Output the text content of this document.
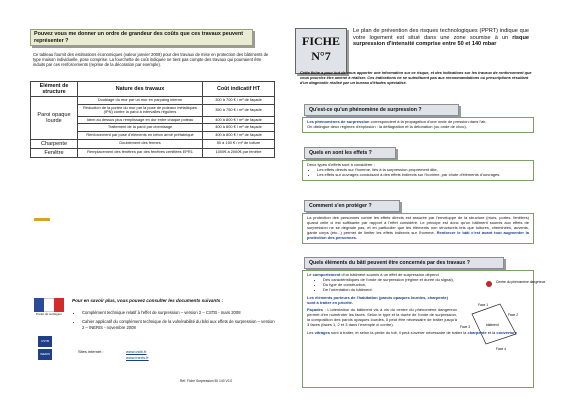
Pouvez vous me donner un ordre de grandeur des coûts que ces travaux peuvent représenter ?
Ce tableau fournit des estimations économiques (valeur janvier 2009) pour des travaux de mise en protection des bâtiments de type maison individuelle, pose comprise. La fourchette de coût indiquée ne tient pas compte des travaux qui pourraient être induits par ces renforcements (reprise de la décoration par exemple).
Elément de structure	Nature des travaux	Coût indicatif HT
Paroi opaque lourde	Doublage du mur par un mur en parpaing interne	300 à 700 € / m² de façade
	Réduction de la portée du mur par la pose de poteaux métalliques (IPN) contre la paroi à intervalles réguliers	350 à 750 € / m² de façade
	Idem au dessus plus remplissage en dur entre chaque poteau	400 à 800 € / m² de façade
	Traitement de la paroi par chemisage	400 à 800 € / m² de façade
	Renforcement par pose d'éléments en béton armé préfabriqué	400 à 800 € / m² de façade
Charpente	Doublement des fermes	50 à 150 € / m² de toiture
Fenêtre	Remplacement des fenêtres par des fenêtres certifiées EPR1	1000€ à 2000€ par fenêtre
Préfet de la Région
CSTB
INERIS
Pour en savoir plus, vous pouvez consulter les documents suivants :
• Complément technique relatif à l'effet de surpression – version 2 – CSTB - mars 2008
• Cahier applicatif du complément technique de la vulnérabilité du bâti aux effets de surpression – version 2 – INERIS - novembre 2008
Sites internet :	www.cstb.fr
www.ineris.fr
Réf. Fiche Surpression 50 140 V2.0
FICHE
N°7
Le plan de prévention des risques technologiques (PPRT) indique que votre logement est situé dans une zone soumise à un risque surpression d'intensité comprise entre 50 et 140 mbar
Cette fiche a pour but de vous apporter une information sur ce risque, et des indications sur les travaux de renforcement que vous pourriez être amené à réaliser. Ces indications ne se substituent pas aux recommandations ou prescriptions résultant d'un diagnostic réalisé par un bureau d'études spécialisé.
Qu'est-ce qu'un phénomène de surpression ?
Les phénomènes de surpression correspondent à la propagation d'une onde de pression dans l'air.
On distingue deux régimes d'explosion : la déflagration et la détonation (ou onde de choc).
Quels en sont les effets ?
Deux types d'effets sont à considérer :
• Les effets directs sur l'homme, liés à la surpression proprement dite,
• Les effets sur ouvrages conduisant à des effets indirects sur l'homme, par chute d'éléments d'ouvrages.
Comment s'en protéger ?
La protection des personnes contre les effets directs est assurée par l'enveloppe de la structure (murs, portes, fenêtres) quand celle ci est suffisante par rapport à l'effet considéré. Le principe est donc qu'un bâtiment soumis aux effets de surpression ne se dégrade pas, et en particulier que les éléments non structurels tels que toitures, cheminées, auvents, garde corps (etc...) permet de limiter les effets indirects sur l'homme. Renforcer le bâti c'est avant tout augmenter la protection des personnes.
Quels éléments du bâti peuvent être concernés par des travaux ?
Le comportement d'un bâtiment soumis à un effet de surpression dépend
• Des caractéristiques de l'onde de surpression (régime et durée du signal),
• Du type de construction,
• De l'orientation du bâtiment.
Les éléments porteurs de l'habitation (parois opaques lourdes, charpente) sont à traiter en priorité.
Façades : L'orientation du bâtiment vis à vis du centre du phénomène dangereux permet d'en numéroter les faces. Selon le type et la durée de l'onde de surpression, la composition des parois opaques lourdes, il peut être nécessaire de traiter jusqu'à 3 faces (faces 1, 2 et 3 dans l'exemple ci contre).
Les vitrages sont à traiter, et selon la pente du toit, il peut s'avérer nécessaire de traiter la charpente et la couverture
Centre du phénomène dangereux
bâtiment
Face 1
Face 2
Face 3
Face 4
